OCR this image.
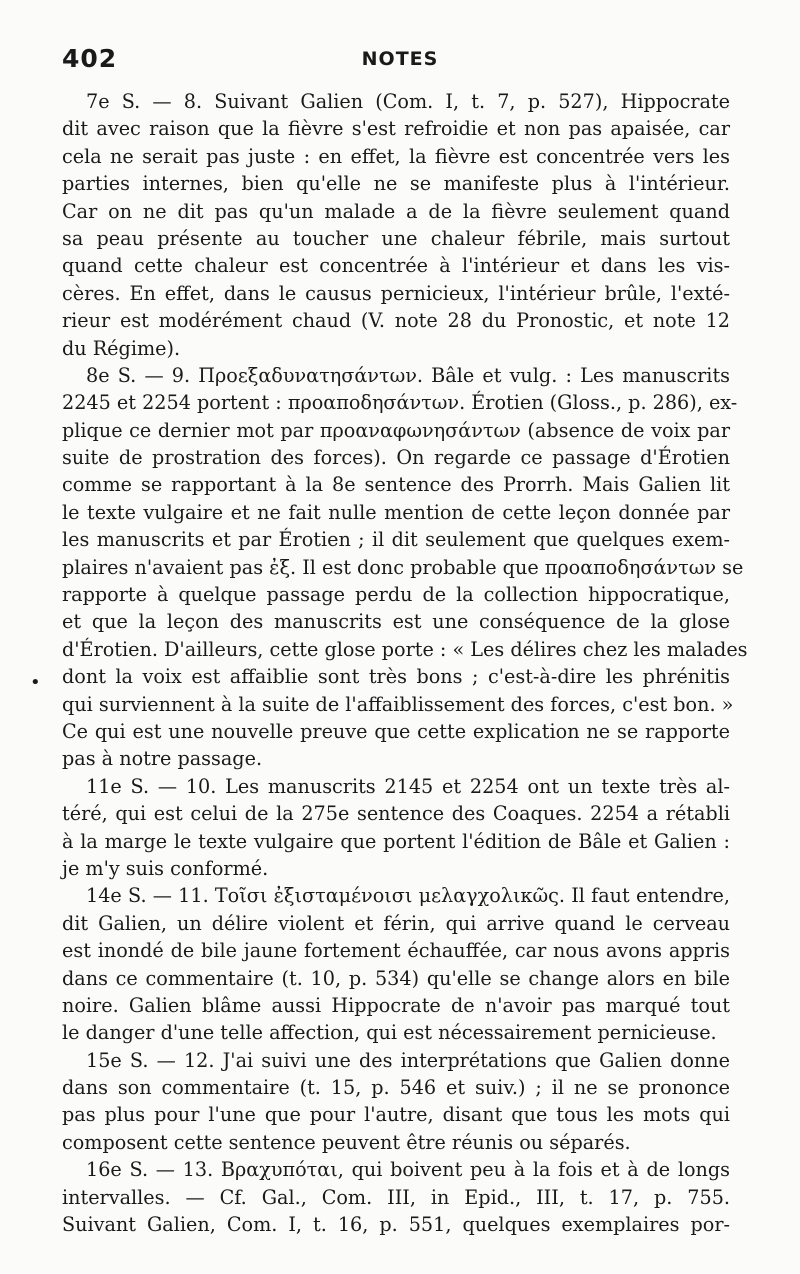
402	NOTES
•
7e S. — 8. Suivant Galien (Com. I, t. 7, p. 527), Hippocrate
dit avec raison que la fièvre s'est refroidie et non pas apaisée, car
cela ne serait pas juste : en effet, la fièvre est concentrée vers les
parties internes, bien qu'elle ne se manifeste plus à l'intérieur.
Car on ne dit pas qu'un malade a de la fièvre seulement quand
sa peau présente au toucher une chaleur fébrile, mais surtout
quand cette chaleur est concentrée à l'intérieur et dans les vis-
cères. En effet, dans le causus pernicieux, l'intérieur brûle, l'exté-
rieur est modérément chaud (V. note 28 du Pronostic, et note 12
du Régime).
8e S. — 9. Προεξαδυνατησάντων. Bâle et vulg. : Les manuscrits
2245 et 2254 portent : προαποδησάντων. Érotien (Gloss., p. 286), ex-
plique ce dernier mot par προαναφωνησάντων (absence de voix par
suite de prostration des forces). On regarde ce passage d'Érotien
comme se rapportant à la 8e sentence des Prorrh. Mais Galien lit
le texte vulgaire et ne fait nulle mention de cette leçon donnée par
les manuscrits et par Érotien ; il dit seulement que quelques exem-
plaires n'avaient pas ἐξ. Il est donc probable que προαποδησάντων se
rapporte à quelque passage perdu de la collection hippocratique,
et que la leçon des manuscrits est une conséquence de la glose
d'Érotien. D'ailleurs, cette glose porte : « Les délires chez les malades
dont la voix est affaiblie sont très bons ; c'est-à-dire les phrénitis
qui surviennent à la suite de l'affaiblissement des forces, c'est bon. »
Ce qui est une nouvelle preuve que cette explication ne se rapporte
pas à notre passage.
11e S. — 10. Les manuscrits 2145 et 2254 ont un texte très al-
téré, qui est celui de la 275e sentence des Coaques. 2254 a rétabli
à la marge le texte vulgaire que portent l'édition de Bâle et Galien :
je m'y suis conformé.
14e S. — 11. Τοῖσι ἐξισταμένοισι μελαγχολικῶς. Il faut entendre,
dit Galien, un délire violent et férin, qui arrive quand le cerveau
est inondé de bile jaune fortement échauffée, car nous avons appris
dans ce commentaire (t. 10, p. 534) qu'elle se change alors en bile
noire. Galien blâme aussi Hippocrate de n'avoir pas marqué tout
le danger d'une telle affection, qui est nécessairement pernicieuse.
15e S. — 12. J'ai suivi une des interprétations que Galien donne
dans son commentaire (t. 15, p. 546 et suiv.) ; il ne se prononce
pas plus pour l'une que pour l'autre, disant que tous les mots qui
composent cette sentence peuvent être réunis ou séparés.
16e S. — 13. Βραχυπόται, qui boivent peu à la fois et à de longs
intervalles. — Cf. Gal., Com. III, in Epid., III, t. 17, p. 755.
Suivant Galien, Com. I, t. 16, p. 551, quelques exemplaires por-
